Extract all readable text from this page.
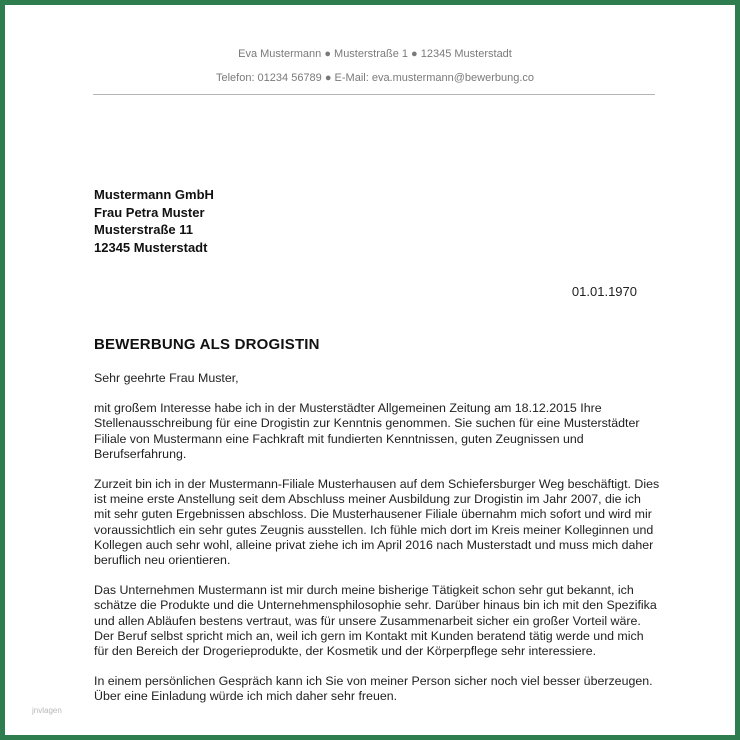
Eva Mustermann ● Musterstraße 1 ● 12345 Musterstadt
Telefon: 01234 56789 ● E-Mail: eva.mustermann@bewerbung.co
Mustermann GmbH
Frau Petra Muster
Musterstraße 11
12345 Musterstadt
01.01.1970
BEWERBUNG ALS DROGISTIN

Sehr geehrte Frau Muster,

mit großem Interesse habe ich in der Musterstädter Allgemeinen Zeitung am 18.12.2015 Ihre Stellenausschreibung für eine Drogistin zur Kenntnis genommen. Sie suchen für eine Musterstädter Filiale von Mustermann eine Fachkraft mit fundierten Kenntnissen, guten Zeugnissen und Berufserfahrung.

Zurzeit bin ich in der Mustermann-Filiale Musterhausen auf dem Schiefersburger Weg beschäftigt. Dies ist meine erste Anstellung seit dem Abschluss meiner Ausbildung zur Drogistin im Jahr 2007, die ich mit sehr guten Ergebnissen abschloss. Die Musterhausener Filiale übernahm mich sofort und wird mir voraussichtlich ein sehr gutes Zeugnis ausstellen. Ich fühle mich dort im Kreis meiner Kolleginnen und Kollegen auch sehr wohl, alleine privat ziehe ich im April 2016 nach Musterstadt und muss mich daher beruflich neu orientieren.

Das Unternehmen Mustermann ist mir durch meine bisherige Tätigkeit schon sehr gut bekannt, ich schätze die Produkte und die Unternehmensphilosophie sehr. Darüber hinaus bin ich mit den Spezifika und allen Abläufen bestens vertraut, was für unsere Zusammenarbeit sicher ein großer Vorteil wäre. Der Beruf selbst spricht mich an, weil ich gern im Kontakt mit Kunden beratend tätig werde und mich für den Bereich der Drogerieprodukte, der Kosmetik und der Körperpflege sehr interessiere.

In einem persönlichen Gespräch kann ich Sie von meiner Person sicher noch viel besser überzeugen. Über eine Einladung würde ich mich daher sehr freuen.

jnvlagen
